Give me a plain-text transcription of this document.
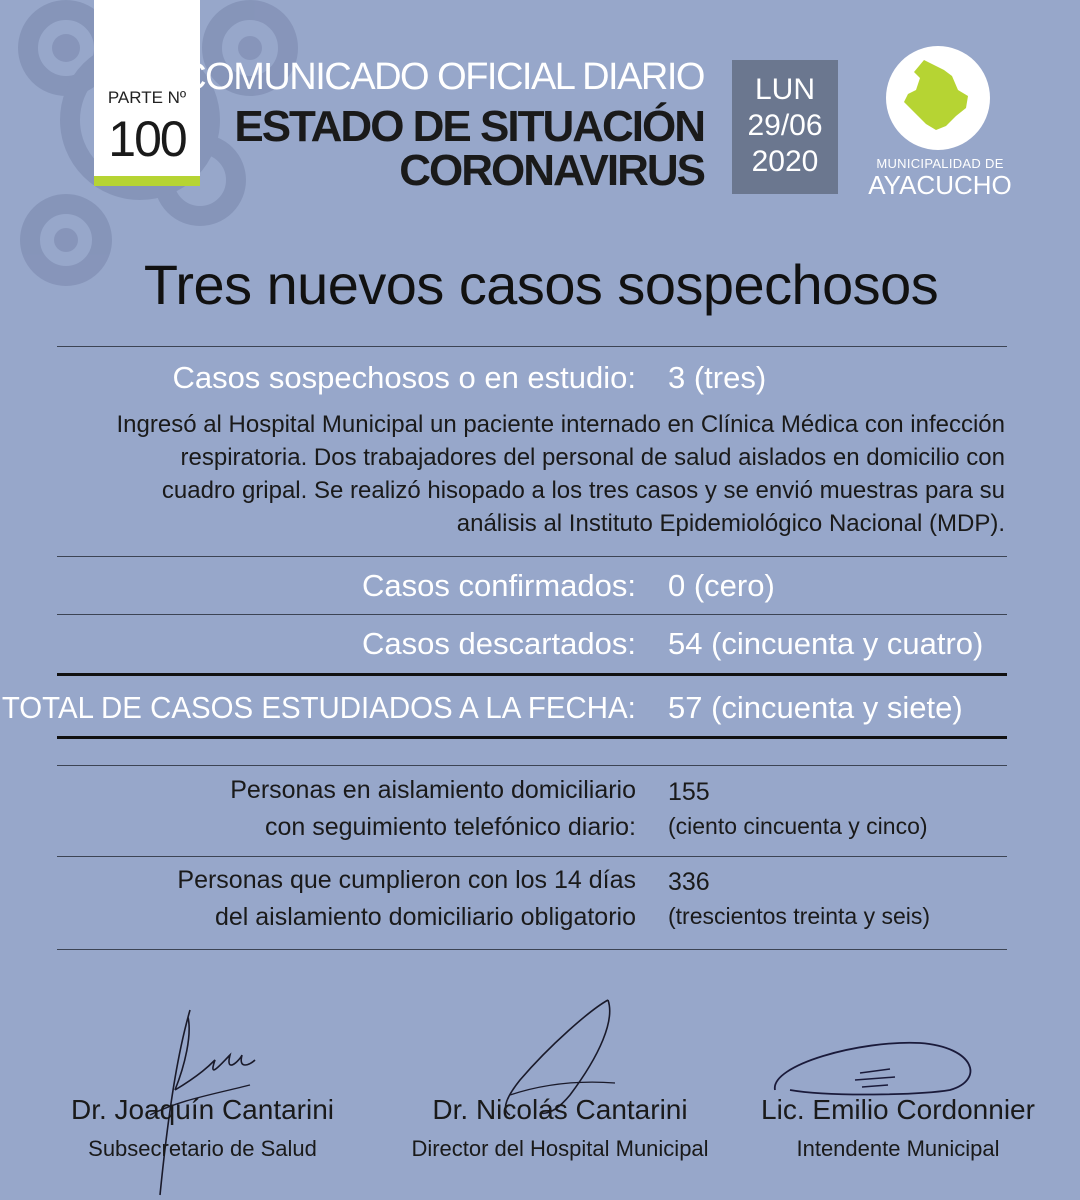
PARTE Nº
100
COMUNICADO OFICIAL DIARIO
ESTADO DE SITUACIÓN
CORONAVIRUS
LUN
29/06
2020	MUNICIPALIDAD DE
AYACUCHO
Tres nuevos casos sospechosos
Casos sospechosos o en estudio: 3 (tres)
Ingresó al Hospital Municipal un paciente internado en Clínica Médica con infección
respiratoria. Dos trabajadores del personal de salud aislados en domicilio con
cuadro gripal. Se realizó hisopado a los tres casos y se envió muestras para su
análisis al Instituto Epidemiológico Nacional (MDP).
Casos confirmados: 0 (cero)
Casos descartados: 54 (cincuenta y cuatro)
TOTAL DE CASOS ESTUDIADOS A LA FECHA: 57 (cincuenta y siete)
Personas en aislamiento domiciliario
con seguimiento telefónico diario:
155
(ciento cincuenta y cinco)
Personas que cumplieron con los 14 días
del aislamiento domiciliario obligatorio
336
(trescientos treinta y seis)
Dr. Joaquín Cantarini
Subsecretario de Salud
Dr. Nicolás Cantarini
Director del Hospital Municipal
Lic. Emilio Cordonnier
Intendente Municipal
